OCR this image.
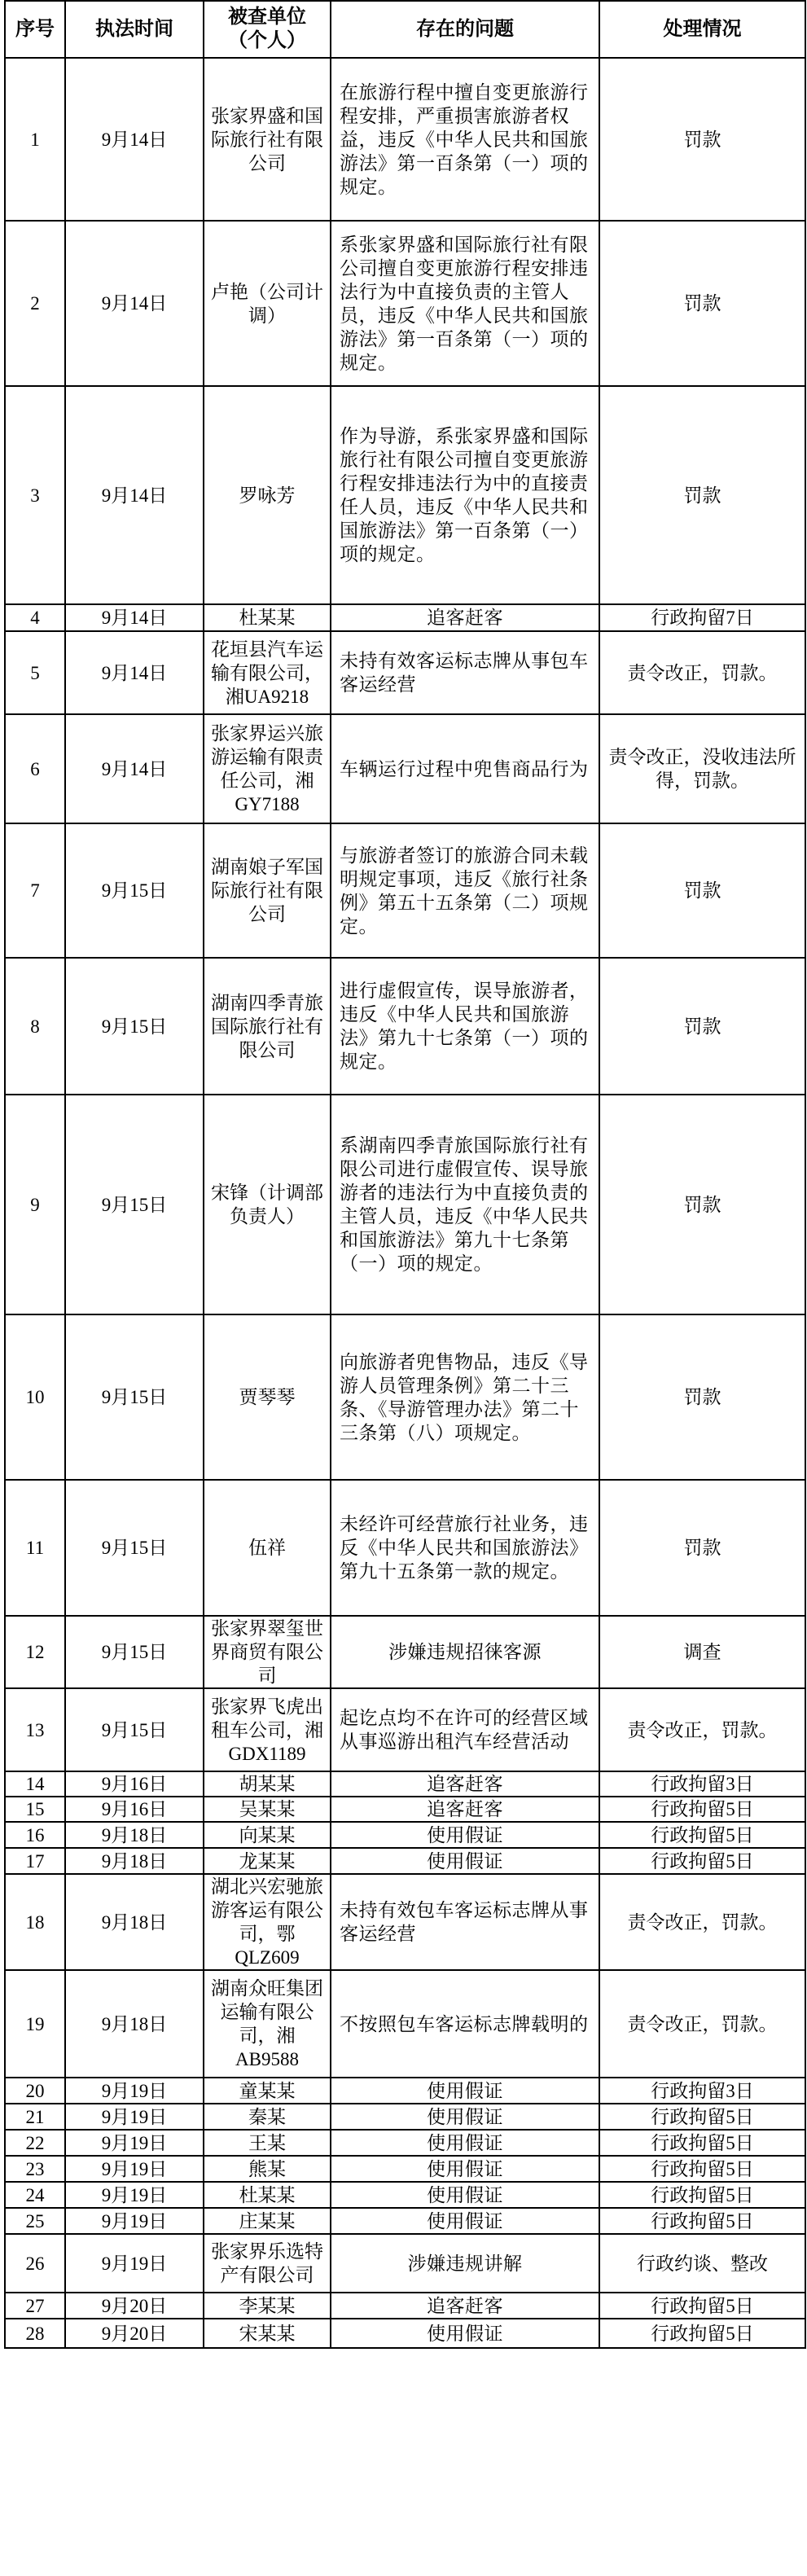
序号	执法时间	被查单位（个人）	存在的问题	处理情况
1	9月14日	张家界盛和国际旅行社有限公司	在旅游行程中擅自变更旅游行程安排，严重损害旅游者权益，违反《中华人民共和国旅游法》第一百条第（一）项的规定。	罚款
2	9月14日	卢艳（公司计调）	系张家界盛和国际旅行社有限公司擅自变更旅游行程安排违法行为中直接负责的主管人员，违反《中华人民共和国旅游法》第一百条第（一）项的规定。	罚款
3	9月14日	罗咏芳	作为导游，系张家界盛和国际旅行社有限公司擅自变更旅游行程安排违法行为中的直接责任人员，违反《中华人民共和国旅游法》第一百条第（一）项的规定。	罚款
4	9月14日	杜某某	追客赶客	行政拘留7日
5	9月14日	花垣县汽车运输有限公司，湘UA9218	未持有效客运标志牌从事包车客运经营	责令改正，罚款。
6	9月14日	张家界运兴旅游运输有限责任公司，湘GY7188	车辆运行过程中兜售商品行为	责令改正，没收违法所得，罚款。
7	9月15日	湖南娘子军国际旅行社有限公司	与旅游者签订的旅游合同未载明规定事项，违反《旅行社条例》第五十五条第（二）项规定。	罚款
8	9月15日	湖南四季青旅国际旅行社有限公司	进行虚假宣传，误导旅游者，违反《中华人民共和国旅游法》第九十七条第（一）项的规定。	罚款
9	9月15日	宋锋（计调部负责人）	系湖南四季青旅国际旅行社有限公司进行虚假宣传、误导旅游者的违法行为中直接负责的主管人员，违反《中华人民共和国旅游法》第九十七条第（一）项的规定。	罚款
10	9月15日	贾琴琴	向旅游者兜售物品，违反《导游人员管理条例》第二十三条、《导游管理办法》第二十三条第（八）项规定。	罚款
11	9月15日	伍祥	未经许可经营旅行社业务，违反《中华人民共和国旅游法》第九十五条第一款的规定。	罚款
12	9月15日	张家界翠玺世界商贸有限公司	涉嫌违规招徕客源	调查
13	9月15日	张家界飞虎出租车公司，湘GDX1189	起讫点均不在许可的经营区域从事巡游出租汽车经营活动	责令改正，罚款。
14	9月16日	胡某某	追客赶客	行政拘留3日
15	9月16日	吴某某	追客赶客	行政拘留5日
16	9月18日	向某某	使用假证	行政拘留5日
17	9月18日	龙某某	使用假证	行政拘留5日
18	9月18日	湖北兴宏驰旅游客运有限公司，鄂QLZ609	未持有效包车客运标志牌从事客运经营	责令改正，罚款。
19	9月18日	湖南众旺集团运输有限公司，湘AB9588	不按照包车客运标志牌载明的	责令改正，罚款。
20	9月19日	童某某	使用假证	行政拘留3日
21	9月19日	秦某	使用假证	行政拘留5日
22	9月19日	王某	使用假证	行政拘留5日
23	9月19日	熊某	使用假证	行政拘留5日
24	9月19日	杜某某	使用假证	行政拘留5日
25	9月19日	庄某某	使用假证	行政拘留5日
26	9月19日	张家界乐选特产有限公司	涉嫌违规讲解	行政约谈、整改
27	9月20日	李某某	追客赶客	行政拘留5日
28	9月20日	宋某某	使用假证	行政拘留5日
